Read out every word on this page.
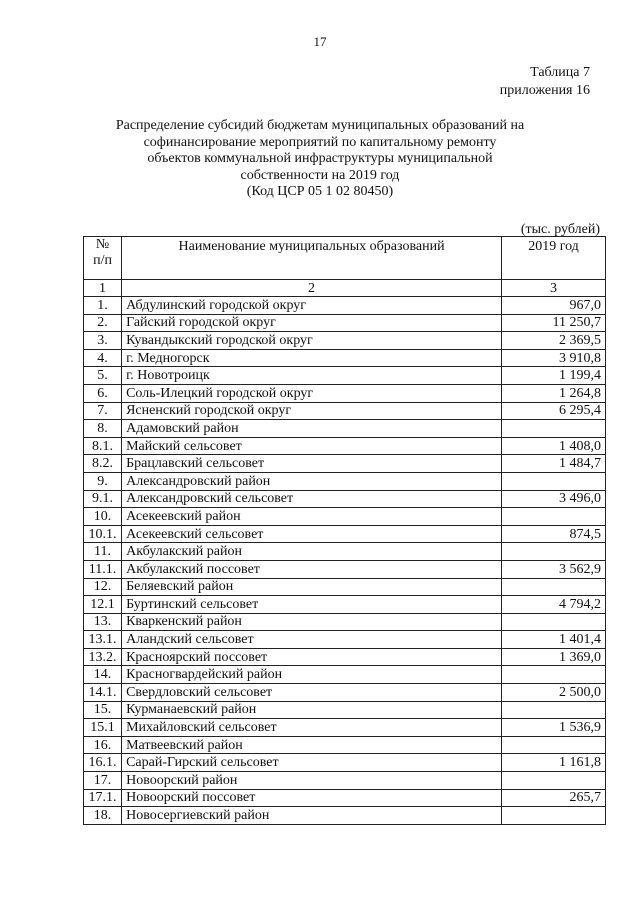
17
Таблица 7
приложения 16
Распределение субсидий бюджетам муниципальных образований на
софинансирование мероприятий по капитальному ремонту
объектов коммунальной инфраструктуры муниципальной
собственности на 2019 год
(Код ЦСР 05 1 02 80450)
(тыс. рублей)
№
п/п	Наименование муниципальных образований	2019 год
1	2	3
1.	Абдулинский городской округ	967,0
2.	Гайский городской округ	11 250,7
3.	Кувандыкский городской округ	2 369,5
4.	г. Медногорск	3 910,8
5.	г. Новотроицк	1 199,4
6.	Соль-Илецкий городской округ	1 264,8
7.	Ясненский городской округ	6 295,4
8.	Адамовский район	
8.1.	Майский сельсовет	1 408,0
8.2.	Брацлавский сельсовет	1 484,7
9.	Александровский район	
9.1.	Александровский сельсовет	3 496,0
10.	Асекеевский район	
10.1.	Асекеевский сельсовет	874,5
11.	Акбулакский район	
11.1.	Акбулакский поссовет	3 562,9
12.	Беляевский район	
12.1	Буртинский сельсовет	4 794,2
13.	Кваркенский район	
13.1.	Аландский сельсовет	1 401,4
13.2.	Красноярский поссовет	1 369,0
14.	Красногвардейский район	
14.1.	Свердловский сельсовет	2 500,0
15.	Курманаевский район	
15.1	Михайловский сельсовет	1 536,9
16.	Матвеевский район	
16.1.	Сарай-Гирский сельсовет	1 161,8
17.	Новоорский район	
17.1.	Новоорский поссовет	265,7
18.	Новосергиевский район	
